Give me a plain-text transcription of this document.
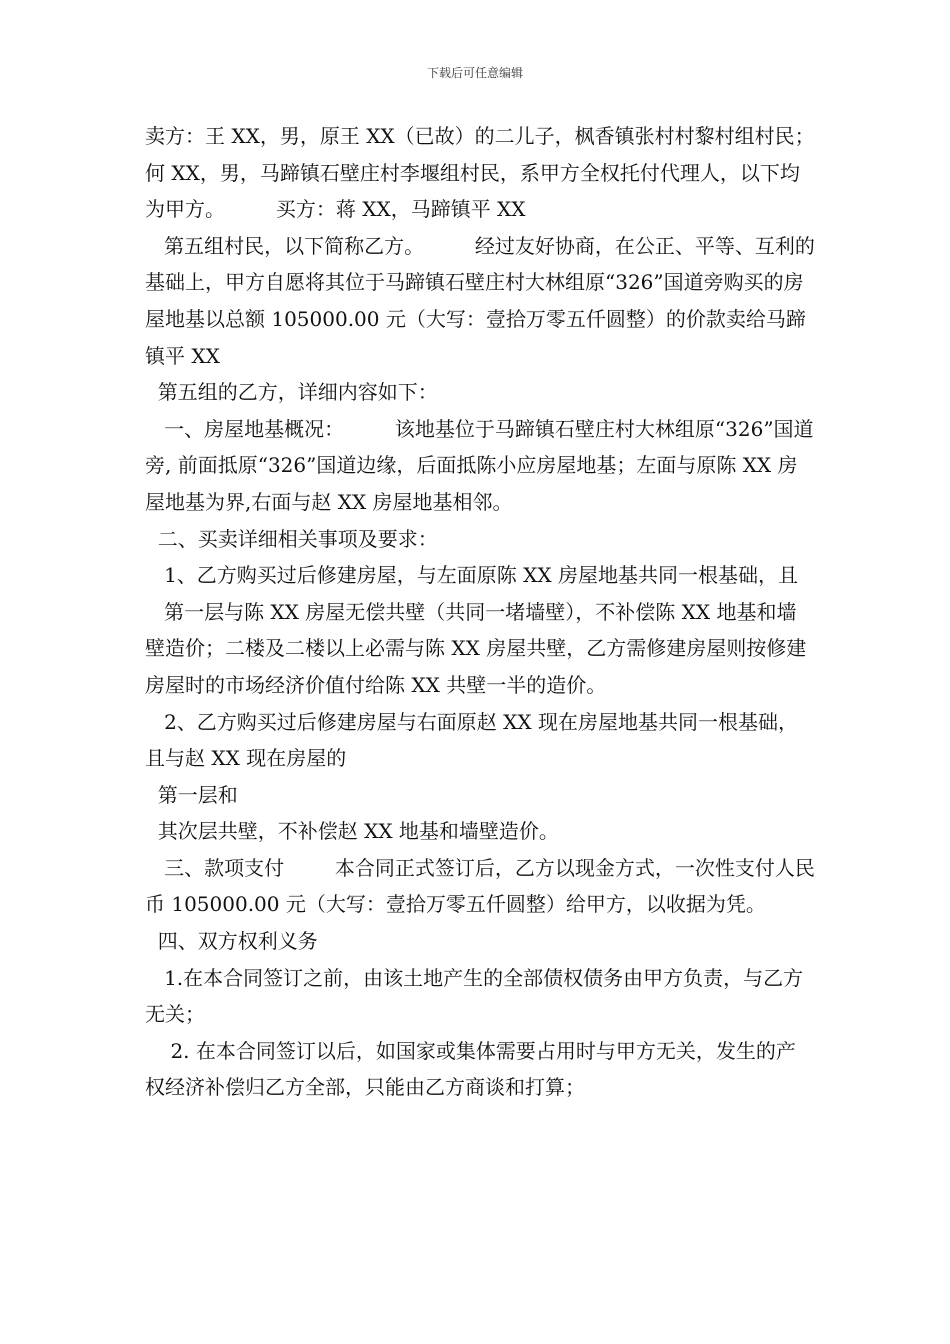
下载后可任意编辑

卖方：王 XX，男，原王 XX（已故）的二儿子，枫香镇张村村黎村组村民；何 XX，男，马蹄镇石壁庄村李堰组村民，系甲方全权托付代理人，以下均为甲方。        买方：蒋 XX，马蹄镇平 XX

第五组村民，以下简称乙方。        经过友好协商，在公正、平等、互利的基础上，甲方自愿将其位于马蹄镇石壁庄村大林组原“326”国道旁购买的房屋地基以总额 105000.00 元（大写：壹拾万零五仟圆整）的价款卖给马蹄镇平 XX

第五组的乙方，详细内容如下：

一、房屋地基概况：        该地基位于马蹄镇石壁庄村大林组原“326”国道旁, 前面抵原“326”国道边缘，后面抵陈小应房屋地基；左面与原陈 XX 房屋地基为界,右面与赵 XX 房屋地基相邻。

二、买卖详细相关事项及要求：

1、乙方购买过后修建房屋，与左面原陈 XX 房屋地基共同一根基础，且

第一层与陈 XX 房屋无偿共壁（共同一堵墙壁），不补偿陈 XX 地基和墙壁造价；二楼及二楼以上必需与陈 XX 房屋共壁，乙方需修建房屋则按修建房屋时的市场经济价值付给陈 XX 共壁一半的造价。

2、乙方购买过后修建房屋与右面原赵 XX 现在房屋地基共同一根基础，且与赵 XX 现在房屋的

第一层和

其次层共壁，不补偿赵 XX 地基和墙壁造价。

三、款项支付        本合同正式签订后，乙方以现金方式，一次性支付人民币 105000.00 元（大写：壹拾万零五仟圆整）给甲方，以收据为凭。

四、双方权利义务

1.在本合同签订之前，由该土地产生的全部债权债务由甲方负责，与乙方无关；

2. 在本合同签订以后，如国家或集体需要占用时与甲方无关，发生的产权经济补偿归乙方全部，只能由乙方商谈和打算；
